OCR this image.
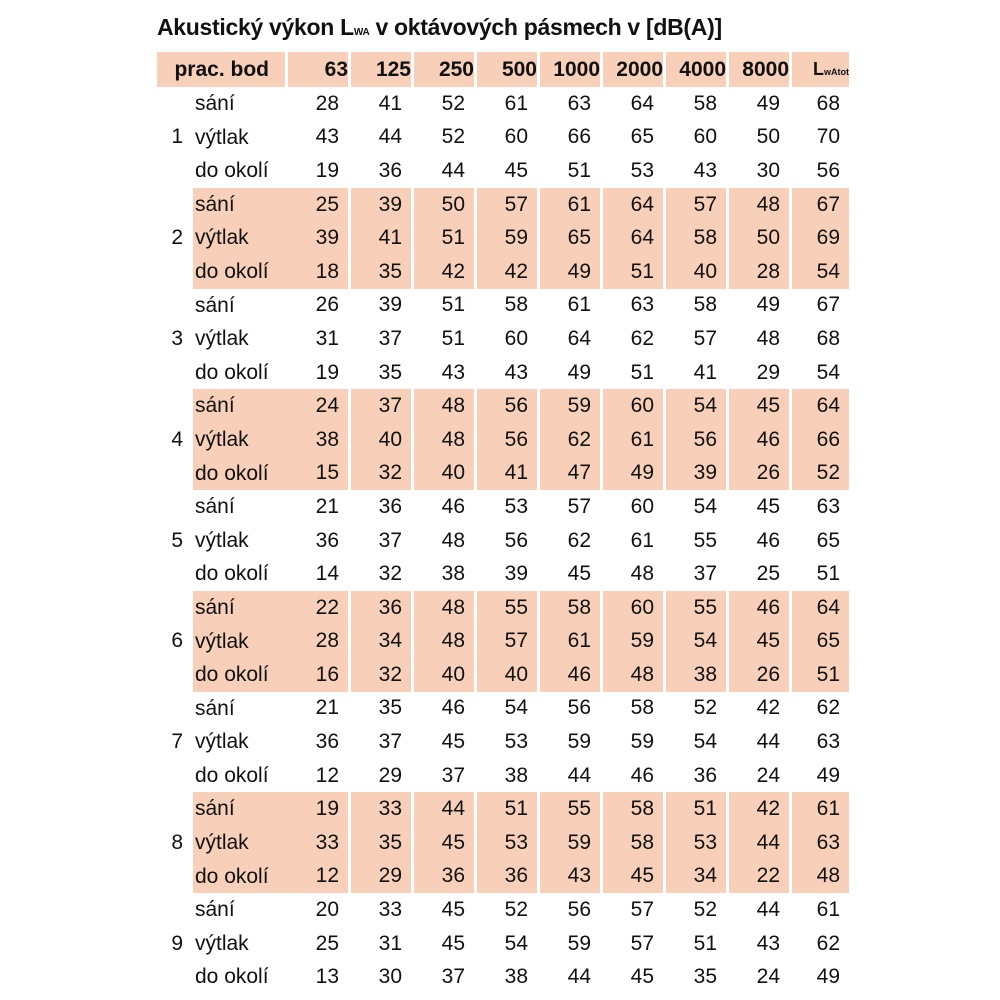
Akustický výkon LWA v oktávových pásmech v [dB(A)]
prac. bod	63	125	250	500	1000	2000	4000	8000	LwAtot

sání	28	41	52	61	63	64	58	49	68

1 výtlak	43	44	52	60	66	65	60	50	70

do okolí	19	36	44	45	51	53	43	30	56

sání	25	39	50	57	61	64	57	48	67

2 výtlak	39	41	51	59	65	64	58	50	69

do okolí	18	35	42	42	49	51	40	28	54

sání	26	39	51	58	61	63	58	49	67

3 výtlak	31	37	51	60	64	62	57	48	68

do okolí	19	35	43	43	49	51	41	29	54

sání	24	37	48	56	59	60	54	45	64

4 výtlak	38	40	48	56	62	61	56	46	66

do okolí	15	32	40	41	47	49	39	26	52

sání	21	36	46	53	57	60	54	45	63

5 výtlak	36	37	48	56	62	61	55	46	65

do okolí	14	32	38	39	45	48	37	25	51

sání	22	36	48	55	58	60	55	46	64

6 výtlak	28	34	48	57	61	59	54	45	65

do okolí	16	32	40	40	46	48	38	26	51

sání	21	35	46	54	56	58	52	42	62

7 výtlak	36	37	45	53	59	59	54	44	63

do okolí	12	29	37	38	44	46	36	24	49

sání	19	33	44	51	55	58	51	42	61

8 výtlak	33	35	45	53	59	58	53	44	63

do okolí	12	29	36	36	43	45	34	22	48

sání	20	33	45	52	56	57	52	44	61

9 výtlak	25	31	45	54	59	57	51	43	62

do okolí	13	30	37	38	44	45	35	24	49
